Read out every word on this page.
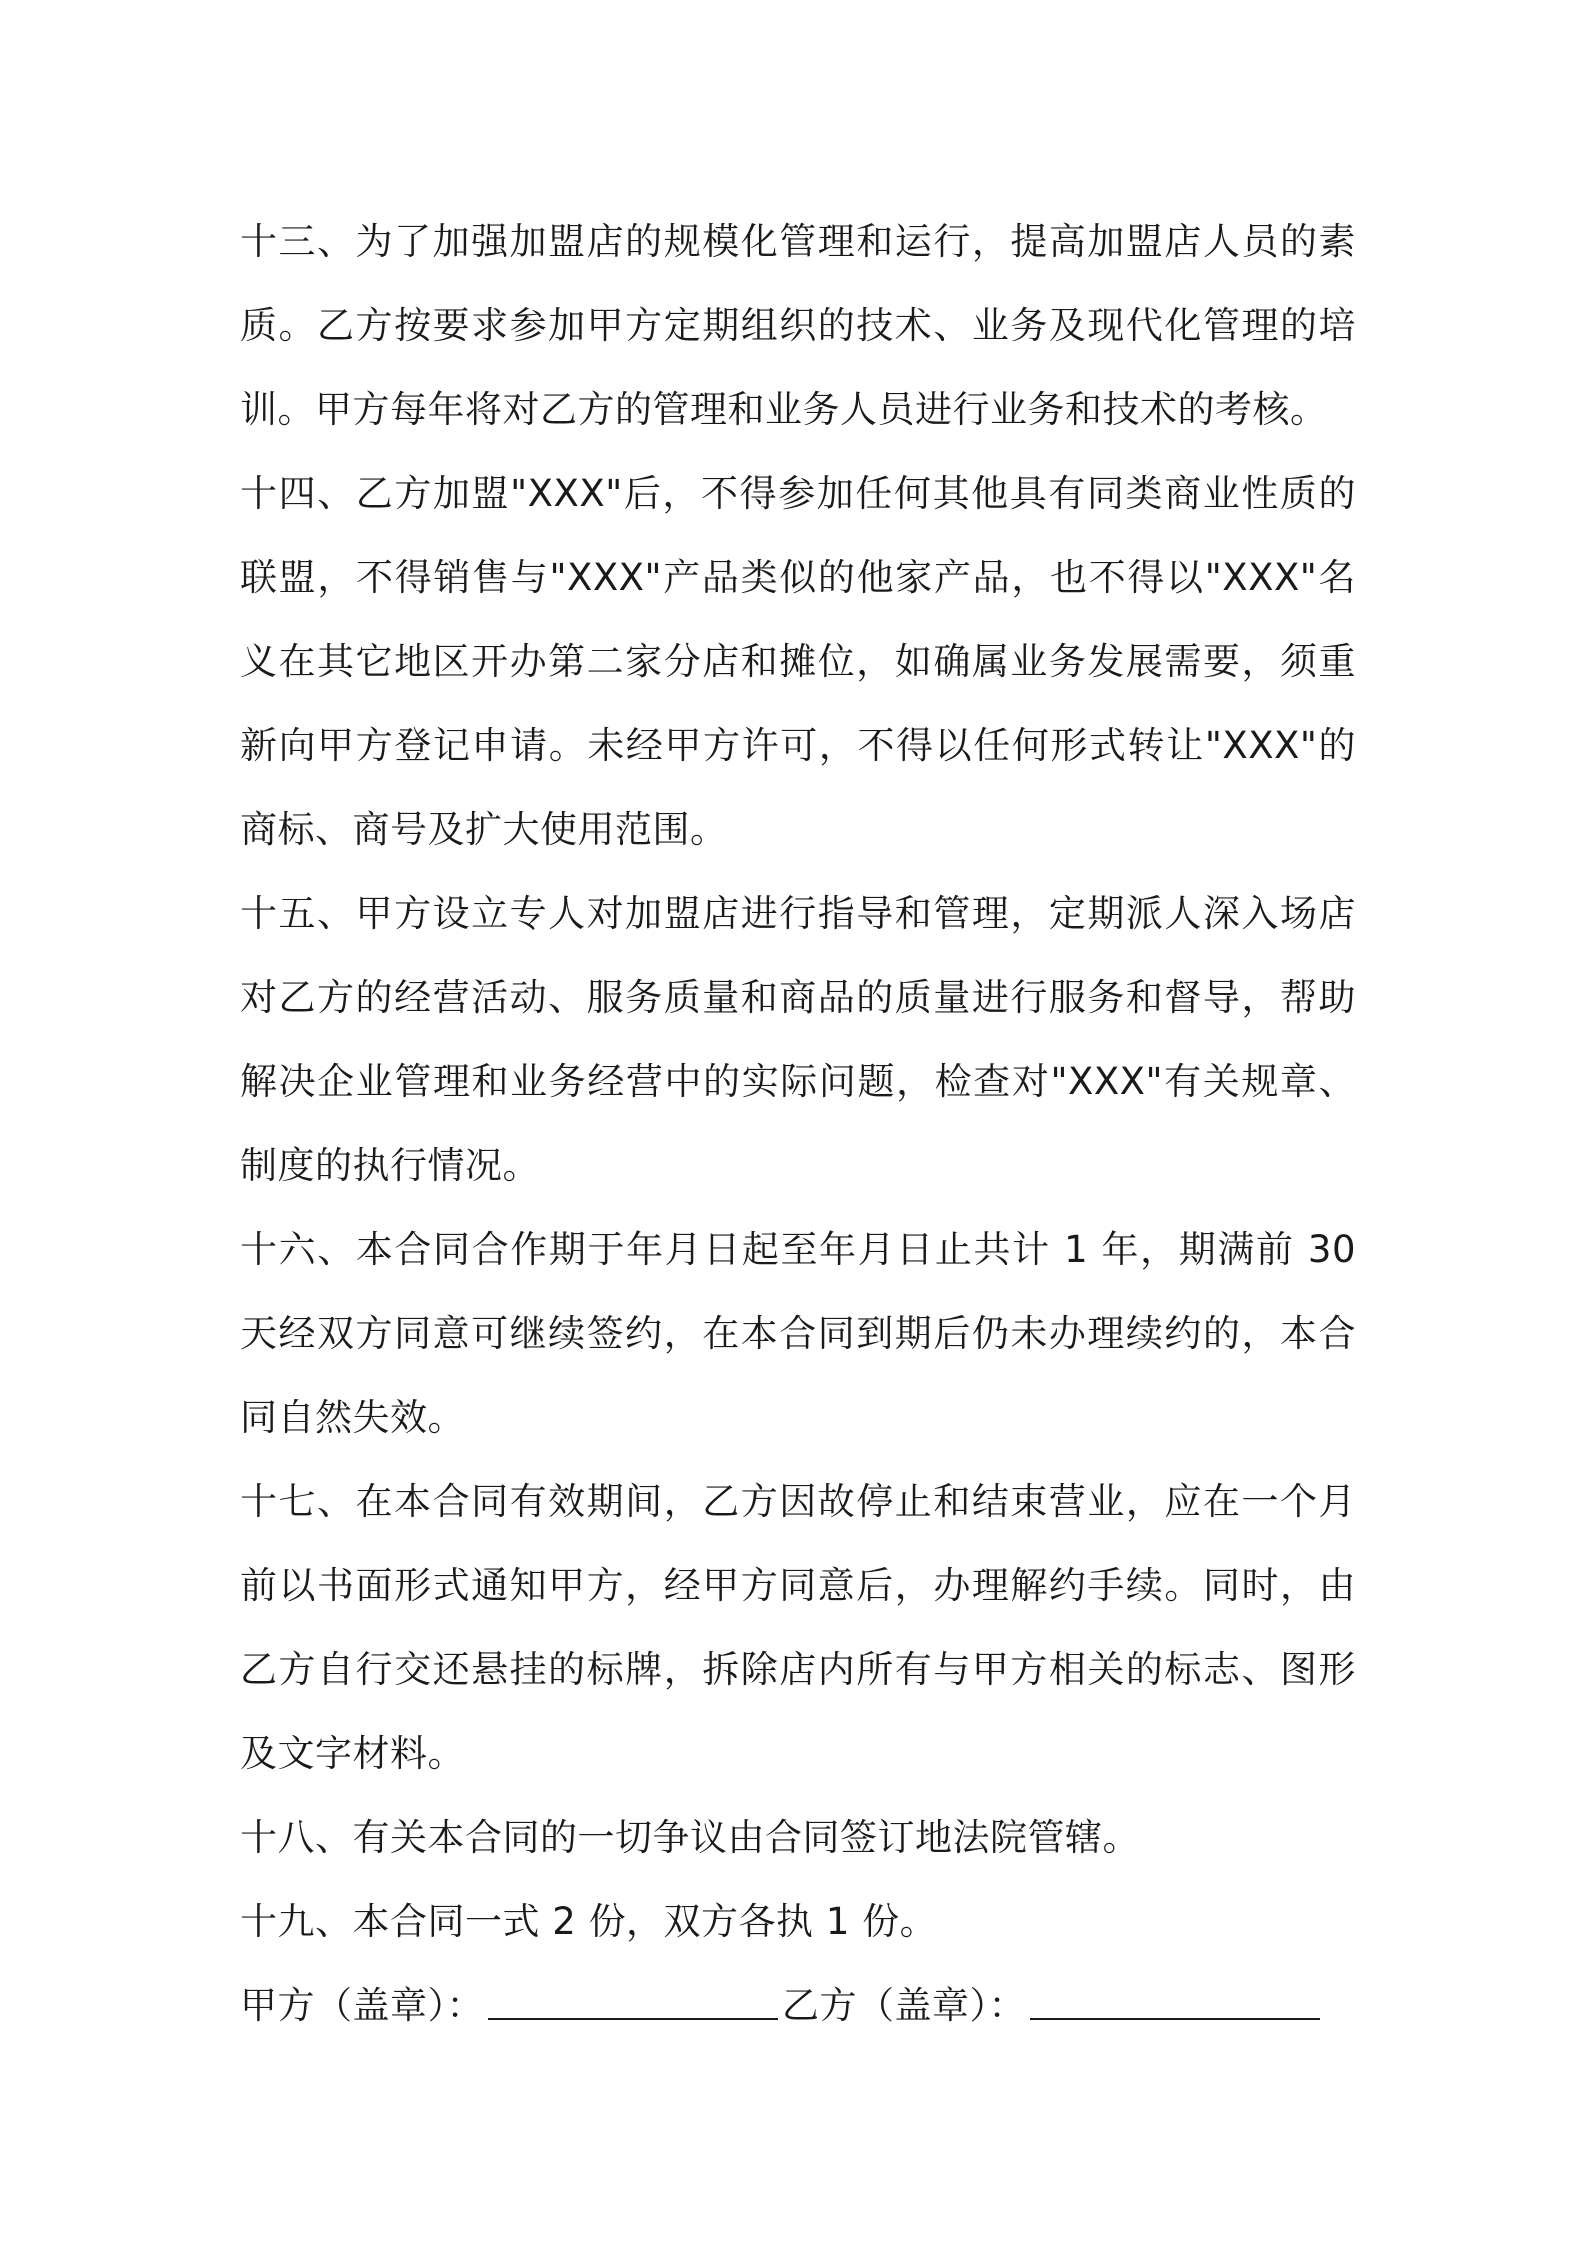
十三、为了加强加盟店的规模化管理和运行，提高加盟店人员的素质。乙方按要求参加甲方定期组织的技术、业务及现代化管理的培训。甲方每年将对乙方的管理和业务人员进行业务和技术的考核。

十四、乙方加盟"XXX"后，不得参加任何其他具有同类商业性质的联盟，不得销售与"XXX"产品类似的他家产品，也不得以"XXX"名义在其它地区开办第二家分店和摊位，如确属业务发展需要，须重新向甲方登记申请。未经甲方许可，不得以任何形式转让"XXX"的商标、商号及扩大使用范围。

十五、甲方设立专人对加盟店进行指导和管理，定期派人深入场店对乙方的经营活动、服务质量和商品的质量进行服务和督导，帮助解决企业管理和业务经营中的实际问题，检查对"XXX"有关规章、制度的执行情况。

十六、本合同合作期于年月日起至年月日止共计 1 年，期满前 30 天经双方同意可继续签约，在本合同到期后仍未办理续约的，本合同自然失效。

十七、在本合同有效期间，乙方因故停止和结束营业，应在一个月前以书面形式通知甲方，经甲方同意后，办理解约手续。同时，由乙方自行交还悬挂的标牌，拆除店内所有与甲方相关的标志、图形及文字材料。

十八、有关本合同的一切争议由合同签订地法院管辖。

十九、本合同一式 2 份，双方各执 1 份。

甲方（盖章）：	乙方（盖章）：
